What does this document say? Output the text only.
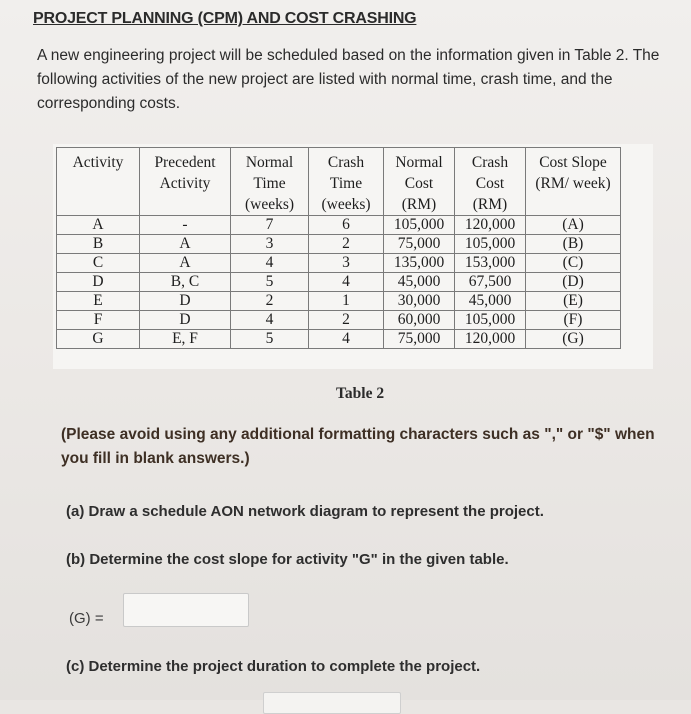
PROJECT PLANNING (CPM) AND COST CRASHING
A new engineering project will be scheduled based on the information given in Table 2. The following activities of the new project are listed with normal time, crash time, and the corresponding costs.
Activity	Precedent Activity	Normal Time (weeks)	Crash Time (weeks)	Normal Cost (RM)	Crash Cost (RM)	Cost Slope (RM/ week)
A	-	7	6	105,000	120,000	(A)
B	A	3	2	75,000	105,000	(B)
C	A	4	3	135,000	153,000	(C)
D	B, C	5	4	45,000	67,500	(D)
E	D	2	1	30,000	45,000	(E)
F	D	4	2	60,000	105,000	(F)
G	E, F	5	4	75,000	120,000	(G)
Table 2
(Please avoid using any additional formatting characters such as "," or "$" when you fill in blank answers.)
(a) Draw a schedule AON network diagram to represent the project.
(b) Determine the cost slope for activity "G" in the given table.
(G) =
(c) Determine the project duration to complete the project.
